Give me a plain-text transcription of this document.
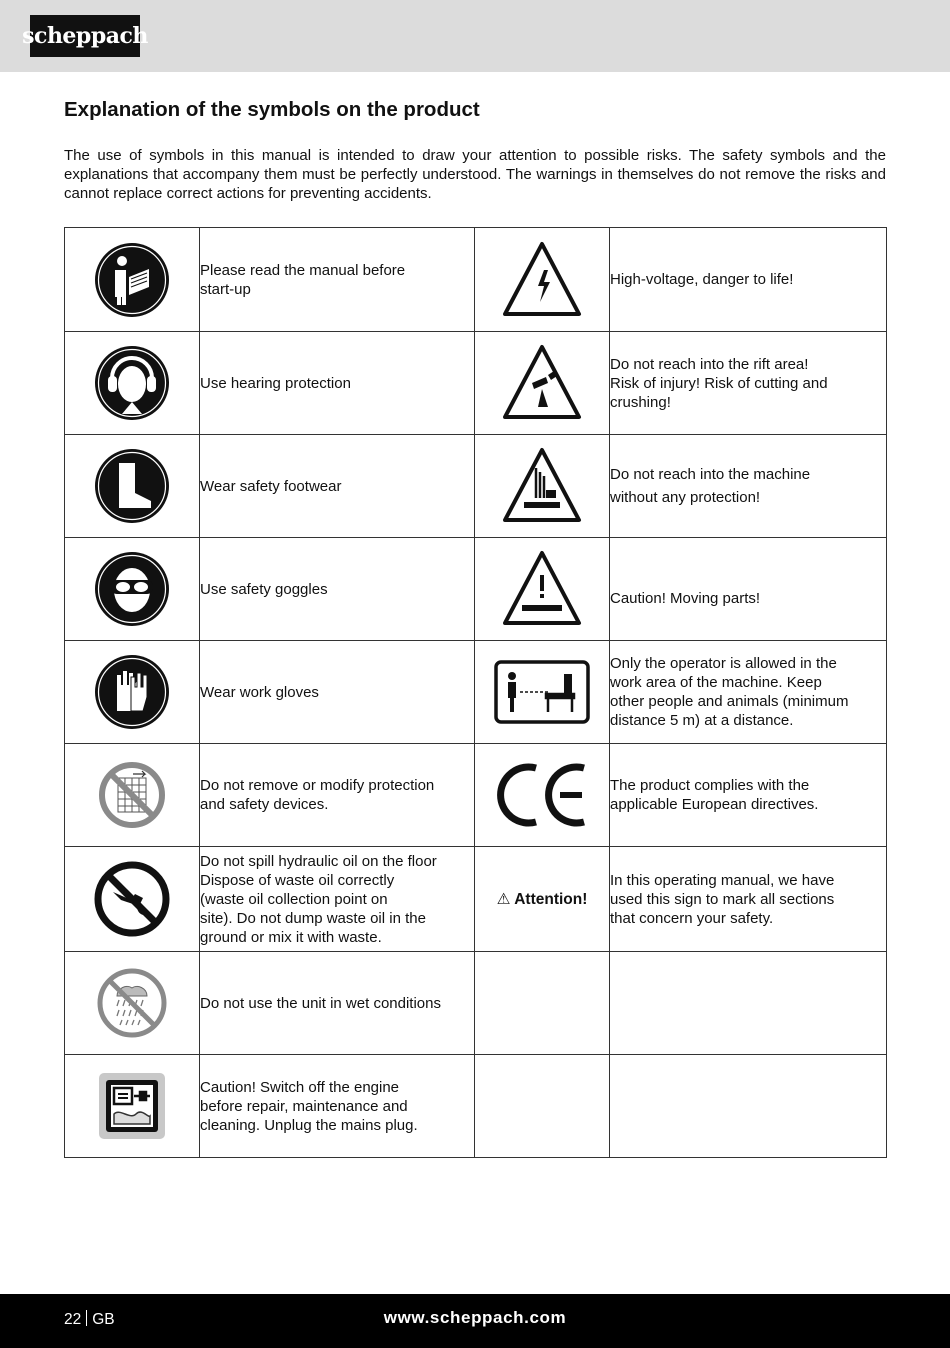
scheppach
Explanation of the symbols on the product

The use of symbols in this manual is intended to draw your attention to possible risks. The safety symbols and the explanations that accompany them must be perfectly understood. The warnings in themselves do not remove the risks and cannot replace correct actions for preventing accidents.

Please read the manual before
start-up		High-voltage, danger to life!

Use hearing protection		Do not reach into the rift area!
Risk of injury! Risk of cutting and
crushing!

Wear safety footwear		Do not reach into the machine
without any protection!

Use safety goggles		Caution! Moving parts!

Wear work gloves		Only the operator is allowed in the
work area of the machine. Keep
other people and animals (minimum
distance 5 m) at a distance.

Do not remove or modify protection
and safety devices.		The product complies with the
applicable European directives.

Do not spill hydraulic oil on the floor
Dispose of waste oil correctly
(waste oil collection point on
site). Do not dump waste oil in the
ground or mix it with waste.	⚠ Attention!	In this operating manual, we have
used this sign to mark all sections
that concern your safety.

Do not use the unit in wet conditions		

Caution! Switch off the engine
before repair, maintenance and
cleaning. Unplug the mains plug.		

22 GB	www.scheppach.com
